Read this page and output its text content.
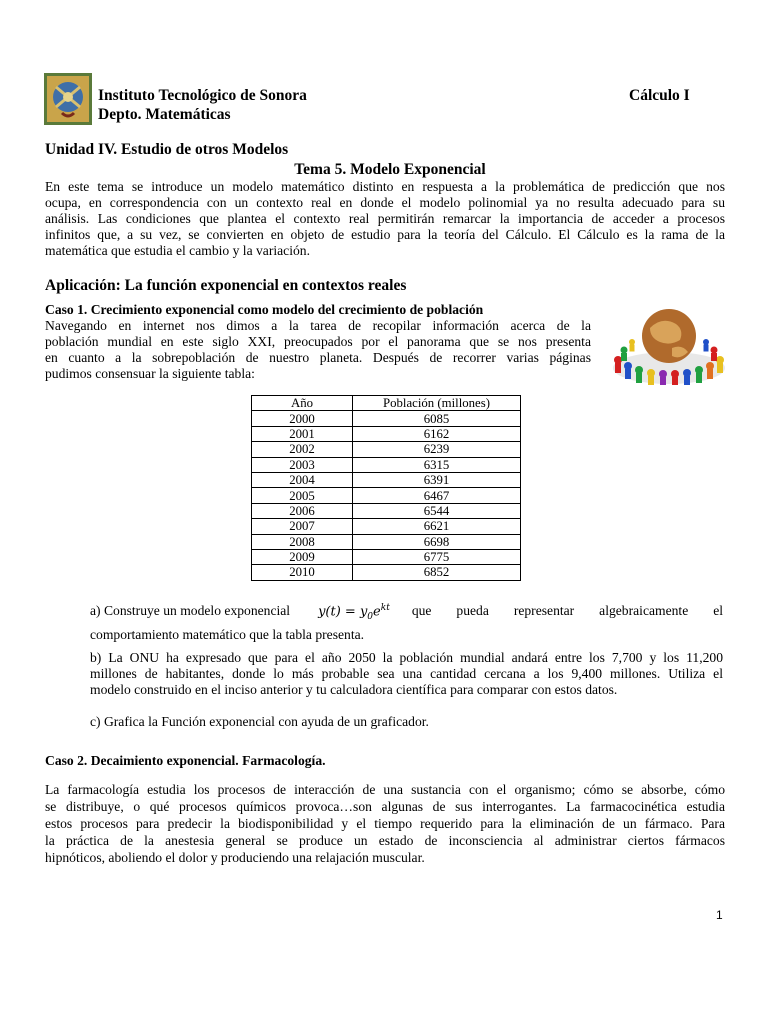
Instituto Tecnológico de Sonora
Depto. Matemáticas
Cálculo I
Unidad IV. Estudio de otros Modelos
Tema 5. Modelo Exponencial
En este tema se introduce un modelo matemático distinto en respuesta a la problemática de predicción que nos
ocupa, en correspondencia con un contexto real en donde el modelo polinomial ya no resulta adecuado para su
análisis. Las condiciones que plantea el contexto real permitirán remarcar la importancia de acceder a procesos
infinitos que, a su vez, se convierten en objeto de estudio para la teoría del Cálculo. El Cálculo es la rama de la
matemática que estudia el cambio y la variación.
Aplicación: La función exponencial en contextos reales
Caso 1. Crecimiento exponencial como modelo del crecimiento de población
Navegando en internet nos dimos a la tarea de recopilar información acerca de la
población mundial en este siglo XXI, preocupados por el panorama que se nos presenta
en cuanto a la sobrepoblación de nuestro planeta. Después de recorrer varias páginas
pudimos consensuar la siguiente tabla:
Año	Población (millones)
2000	6085
2001	6162
2002	6239
2003	6315
2004	6391
2005	6467
2006	6544
2007	6621
2008	6698
2009	6775
2010	6852
a) Construye un modelo exponencial $y(t) = y_0e^{kt}$ que pueda representar algebraicamente el
comportamiento matemático que la tabla presenta.
b) La ONU ha expresado que para el año 2050 la población mundial andará entre los 7,700 y los 11,200
millones de habitantes, donde lo más probable sea una cantidad cercana a los 9,400 millones. Utiliza el
modelo construido en el inciso anterior y tu calculadora científica para comparar con estos datos.
c) Grafica la Función exponencial con ayuda de un graficador.
Caso 2. Decaimiento exponencial. Farmacología.
La farmacología estudia los procesos de interacción de una sustancia con el organismo; cómo se absorbe, cómo
se distribuye, o qué procesos químicos provoca…son algunas de sus interrogantes. La farmacocinética estudia
estos procesos para predecir la biodisponibilidad y el tiempo requerido para la eliminación de un fármaco. Para
la práctica de la anestesia general se produce un estado de inconsciencia al administrar ciertos fármacos
hipnóticos, aboliendo el dolor y produciendo una relajación muscular.
1
